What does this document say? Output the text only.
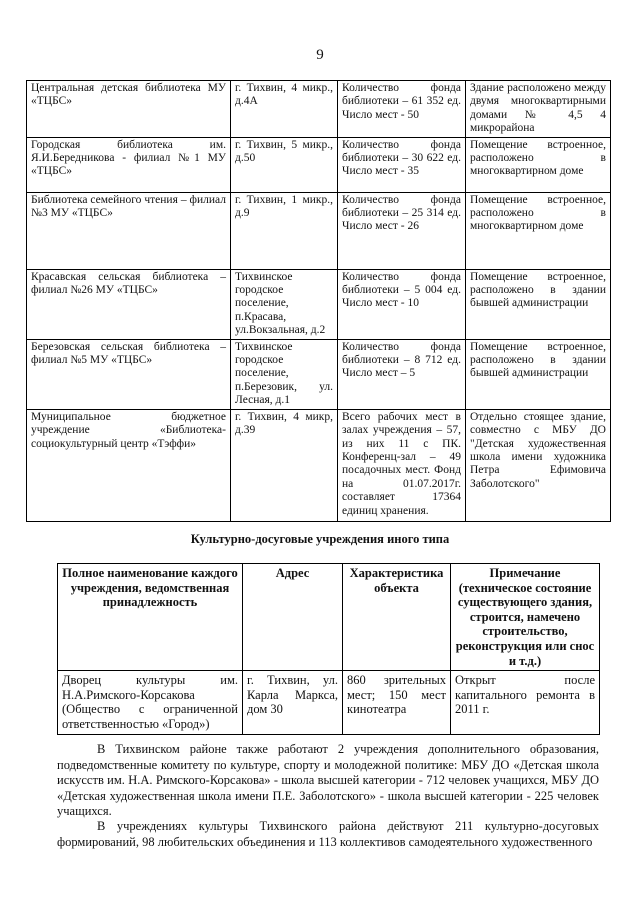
9
Центральная детская библиотека МУ «ТЦБС»	г. Тихвин, 4 микр., д.4А	Количество фонда библиотеки – 61 352 ед. Число мест - 50	Здание расположено между двумя многоквартирными домами № 4,5 4 микрорайона
Городская библиотека им. Я.И.Бередникова - филиал №1 МУ «ТЦБС»	г. Тихвин, 5 микр., д.50	Количество фонда библиотеки – 30 622 ед. Число мест - 35	Помещение встроенное, расположено в многоквартирном доме
Библиотека семейного чтения – филиал №3 МУ «ТЦБС»	г. Тихвин, 1 микр., д.9	Количество фонда библиотеки – 25 314 ед. Число мест - 26	Помещение встроенное, расположено в многоквартирном доме
Красавская сельская библиотека – филиал №26 МУ «ТЦБС»	Тихвинское городское поселение, п.Красава, ул.Вокзальная, д.2	Количество фонда библиотеки – 5 004 ед. Число мест - 10	Помещение встроенное, расположено в здании бывшей администрации
Березовская сельская библиотека – филиал №5 МУ «ТЦБС»	Тихвинское городское поселение, п.Березовик, ул. Лесная, д.1	Количество фонда библиотеки – 8 712 ед. Число мест – 5	Помещение встроенное, расположено в здании бывшей администрации
Муниципальное бюджетное учреждение «Библиотека-социокультурный центр «Тэффи»	г. Тихвин, 4 микр, д.39	Всего рабочих мест в залах учреждения – 57, из них 11 с ПК. Конференц-зал – 49 посадочных мест. Фонд на 01.07.2017г. составляет 17364 единиц хранения.	Отдельно стоящее здание, совместно с МБУ ДО "Детская художественная школа имени художника Петра Ефимовича Заболотского"
Культурно-досуговые учреждения иного типа
Полное наименование каждого учреждения, ведомственная принадлежность	Адрес	Характеристика объекта	Примечание (техническое состояние существующего здания, строится, намечено строительство, реконструкция или снос и т.д.)
Дворец культуры им. Н.А.Римского-Корсакова (Общество с ограниченной ответственностью «Город»)	г. Тихвин, ул. Карла Маркса, дом 30	860 зрительных мест; 150 мест кинотеатра	Открыт после капитального ремонта в 2011 г.

В Тихвинском районе также работают 2 учреждения дополнительного образования, подведомственные комитету по культуре, спорту и молодежной политике: МБУ ДО «Детская школа искусств им. Н.А. Римского-Корсакова» - школа высшей категории - 712 человек учащихся, МБУ ДО «Детская художественная школа имени П.Е. Заболотского» - школа высшей категории - 225 человек учащихся.

В учреждениях культуры Тихвинского района действуют 211 культурно-досуговых формирований, 98 любительских объединения и 113 коллективов самодеятельного художественного
